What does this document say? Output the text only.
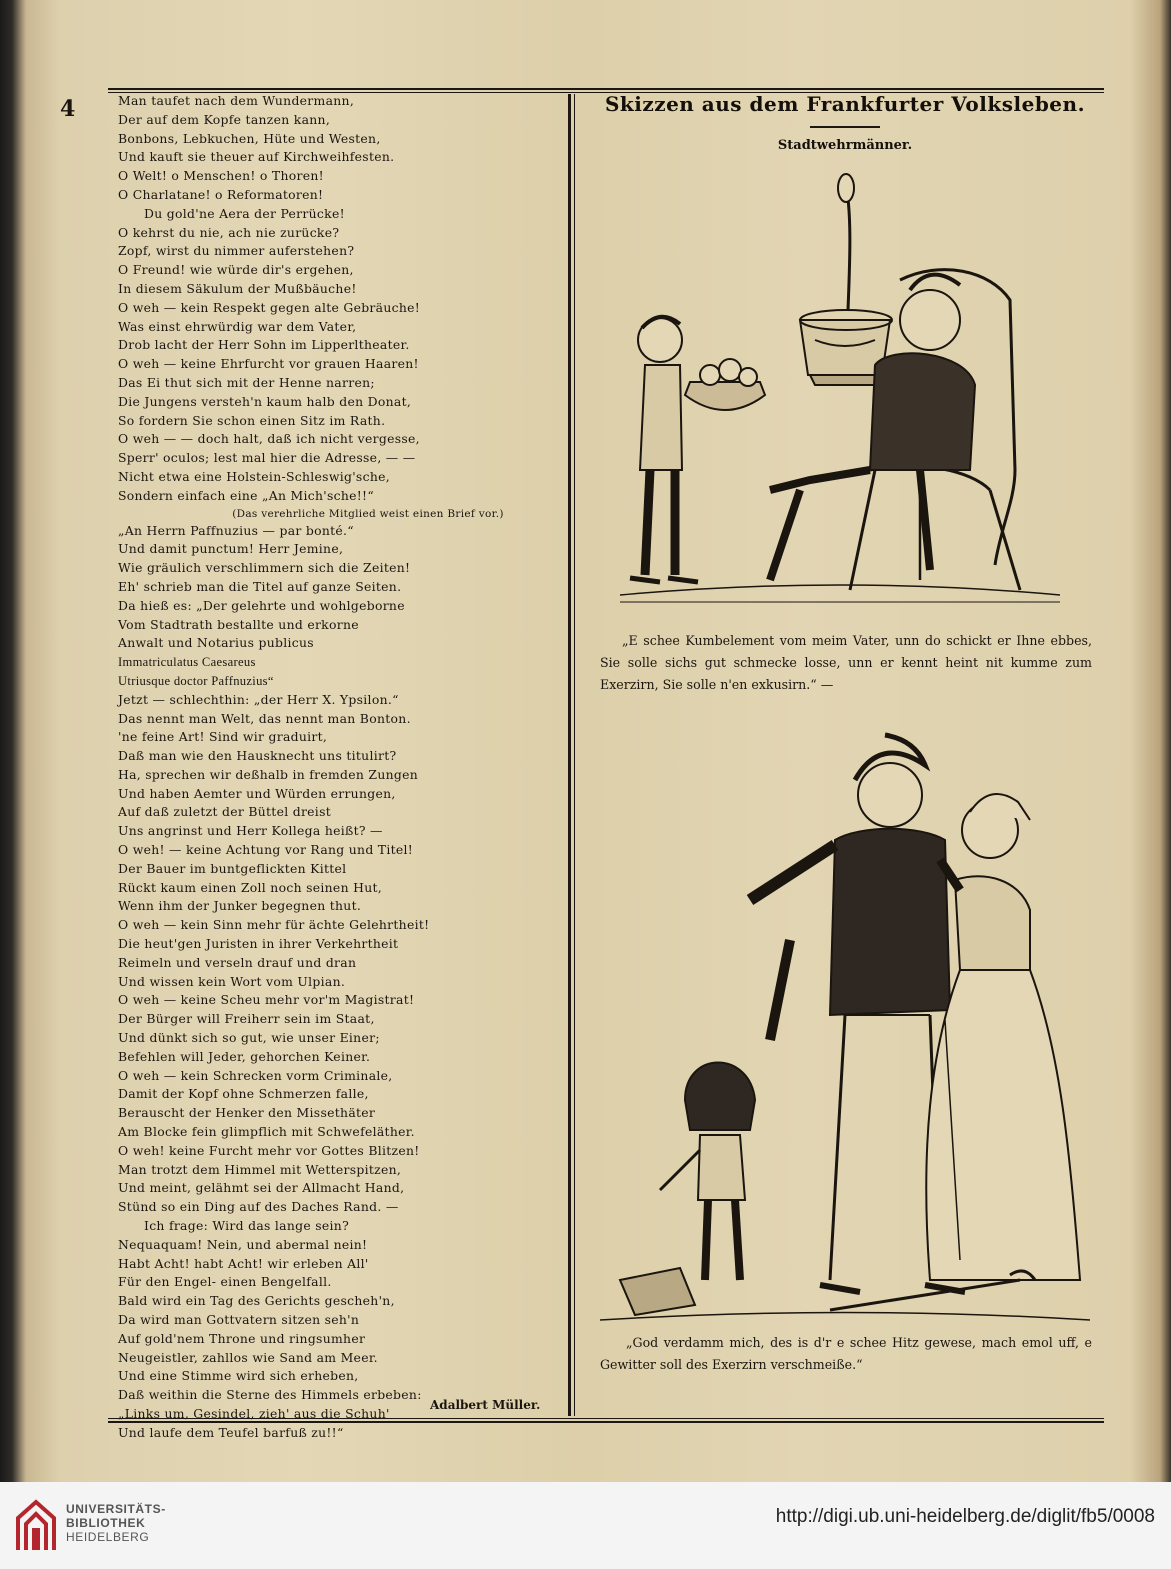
4	Man taufet nach dem Wundermann,
Der auf dem Kopfe tanzen kann,
Bonbons, Lebkuchen, Hüte und Westen,
Und kauft sie theuer auf Kirchweihfesten.
O Welt! o Menschen! o Thoren!
O Charlatane! o Reformatoren!
Du gold'ne Aera der Perrücke!
O kehrst du nie, ach nie zurücke?
Zopf, wirst du nimmer auferstehen?
O Freund! wie würde dir's ergehen,
In diesem Säkulum der Mußbäuche!
O weh — kein Respekt gegen alte Gebräuche!
Was einst ehrwürdig war dem Vater,
Drob lacht der Herr Sohn im Lipperltheater.
O weh — keine Ehrfurcht vor grauen Haaren!
Das Ei thut sich mit der Henne narren;
Die Jungens versteh'n kaum halb den Donat,
So fordern Sie schon einen Sitz im Rath.
O weh — — doch halt, daß ich nicht vergesse,
Sperr' oculos; lest mal hier die Adresse, — —
Nicht etwa eine Holstein-Schleswig'sche,
Sondern einfach eine „An Mich'sche!!“
(Das verehrliche Mitglied weist einen Brief vor.)
„An Herrn Paffnuzius — par bonté.“
Und damit punctum! Herr Jemine,
Wie gräulich verschlimmern sich die Zeiten!
Eh' schrieb man die Titel auf ganze Seiten.
Da hieß es: „Der gelehrte und wohlgeborne
Vom Stadtrath bestallte und erkorne
Anwalt und Notarius publicus
Immatriculatus Caesareus
Utriusque doctor Paffnuzius“
Jetzt — schlechthin: „der Herr X. Ypsilon.“
Das nennt man Welt, das nennt man Bonton.
'ne feine Art! Sind wir graduirt,
Daß man wie den Hausknecht uns titulirt?
Ha, sprechen wir deßhalb in fremden Zungen
Und haben Aemter und Würden errungen,
Auf daß zuletzt der Büttel dreist
Uns angrinst und Herr Kollega heißt? —
O weh! — keine Achtung vor Rang und Titel!
Der Bauer im buntgeflickten Kittel
Rückt kaum einen Zoll noch seinen Hut,
Wenn ihm der Junker begegnen thut.
O weh — kein Sinn mehr für ächte Gelehrtheit!
Die heut'gen Juristen in ihrer Verkehrtheit
Reimeln und verseln drauf und dran
Und wissen kein Wort vom Ulpian.
O weh — keine Scheu mehr vor'm Magistrat!
Der Bürger will Freiherr sein im Staat,
Und dünkt sich so gut, wie unser Einer;
Befehlen will Jeder, gehorchen Keiner.
O weh — kein Schrecken vorm Criminale,
Damit der Kopf ohne Schmerzen falle,
Berauscht der Henker den Missethäter
Am Blocke fein glimpflich mit Schwefeläther.
O weh! keine Furcht mehr vor Gottes Blitzen!
Man trotzt dem Himmel mit Wetterspitzen,
Und meint, gelähmt sei der Allmacht Hand,
Stünd so ein Ding auf des Daches Rand. —
Ich frage: Wird das lange sein?
Nequaquam! Nein, und abermal nein!
Habt Acht! habt Acht! wir erleben All'
Für den Engel- einen Bengelfall.
Bald wird ein Tag des Gerichts gescheh'n,
Da wird man Gottvatern sitzen seh'n
Auf gold'nem Throne und ringsumher
Neugeistler, zahllos wie Sand am Meer.
Und eine Stimme wird sich erheben,
Daß weithin die Sterne des Himmels erbeben:
„Links um, Gesindel, zieh' aus die Schuh'
Und laufe dem Teufel barfuß zu!!“
Adalbert Müller.
Skizzen aus dem Frankfurter Volksleben.
Stadtwehrmänner.
„E schee Kumbelement vom meim Vater, unn do schickt er Ihne ebbes, Sie solle sichs gut schmecke losse, unn er kennt heint nit kumme zum Exerzirn, Sie solle n'en exkusirn.“ —
„God verdamm mich, des is d'r e schee Hitz gewese, mach emol uff, e Gewitter soll des Exerzirn verschmeiße.“
UNIVERSITÄTS-
BIBLIOTHEK
HEIDELBERG
http://digi.ub.uni-heidelberg.de/diglit/fb5/0008
